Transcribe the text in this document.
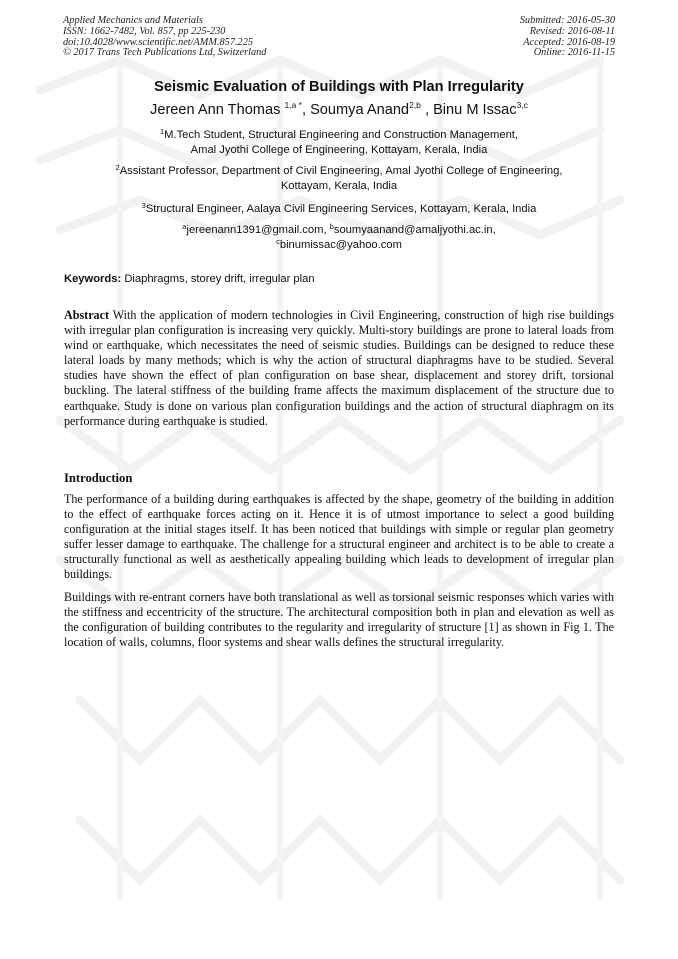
Applied Mechanics and Materials
ISSN: 1662-7482, Vol. 857, pp 225-230
doi:10.4028/www.scientific.net/AMM.857.225
© 2017 Trans Tech Publications Ltd, Switzerland
Submitted: 2016-05-30
Revised: 2016-08-11
Accepted: 2016-08-19
Online: 2016-11-15
Seismic Evaluation of Buildings with Plan Irregularity
Jereen Ann Thomas $^{1,a *}$, Soumya Anand$^{2,b}$ , Binu M Issac$^{3,c}$
$^1$M.Tech Student, Structural Engineering and Construction Management,
Amal Jyothi College of Engineering, Kottayam, Kerala, India
$^2$Assistant Professor, Department of Civil Engineering, Amal Jyothi College of Engineering,
Kottayam, Kerala, India
$^3$Structural Engineer, Aalaya Civil Engineering Services, Kottayam, Kerala, India
$^a$jereenann1391@gmail.com, $^b$soumyaanand@amaljyothi.ac.in,
$^c$binumissac@yahoo.com
Keywords: Diaphragms, storey drift, irregular plan
Abstract With the application of modern technologies in Civil Engineering, construction of high rise buildings with irregular plan configuration is increasing very quickly. Multi-story buildings are prone to lateral loads from wind or earthquake, which necessitates the need of seismic studies. Buildings can be designed to reduce these lateral loads by many methods; which is why the action of structural diaphragms have to be studied. Several studies have shown the effect of plan configuration on base shear, displacement and storey drift, torsional buckling. The lateral stiffness of the building frame affects the maximum displacement of the structure due to earthquake. Study is done on various plan configuration buildings and the action of structural diaphragm on its performance during earthquake is studied.
Introduction
The performance of a building during earthquakes is affected by the shape, geometry of the building in addition to the effect of earthquake forces acting on it. Hence it is of utmost importance to select a good building configuration at the initial stages itself. It has been noticed that buildings with simple or regular plan geometry suffer lesser damage to earthquake. The challenge for a structural engineer and architect is to be able to create a structurally functional as well as aesthetically appealing building which leads to development of irregular plan buildings.
Buildings with re-entrant corners have both translational as well as torsional seismic responses which varies with the stiffness and eccentricity of the structure. The architectural composition both in plan and elevation as well as the configuration of building contributes to the regularity and irregularity of structure [1] as shown in Fig 1. The location of walls, columns, floor systems and shear walls defines the structural irregularity.
